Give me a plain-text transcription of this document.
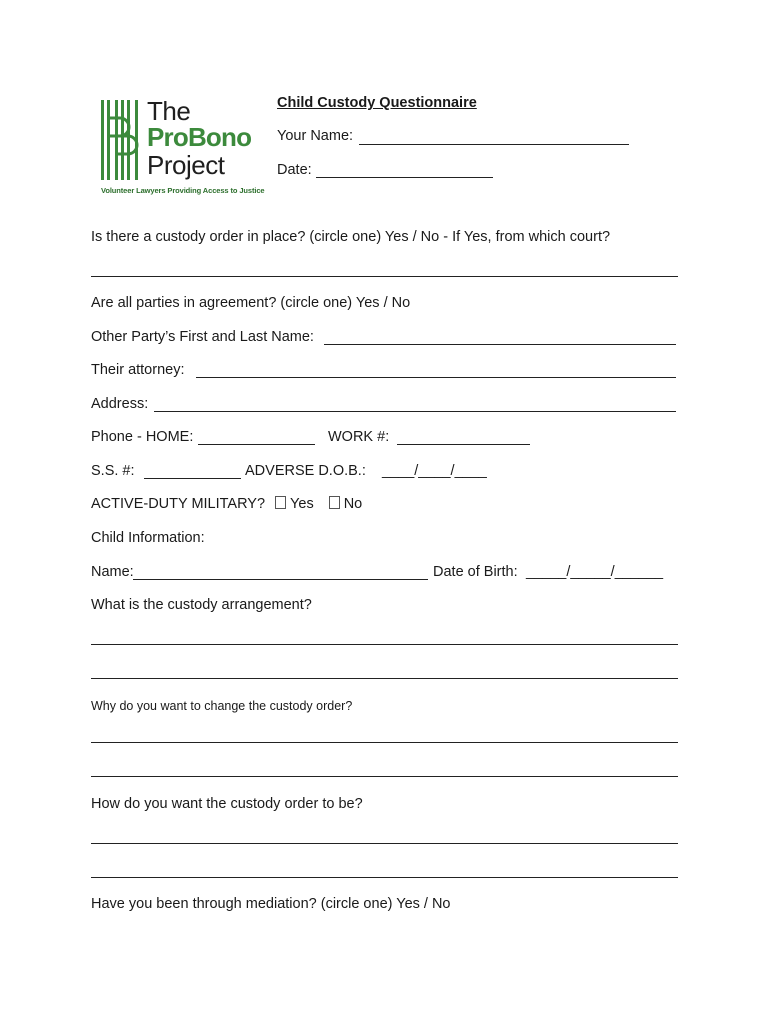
The
ProBono
Project
Volunteer Lawyers Providing Access to Justice
Child Custody Questionnaire
Your Name:
Date:
Is there a custody order in place? (circle one) Yes / No - If Yes, from which court?
Are all parties in agreement? (circle one) Yes / No
Other Party’s First and Last Name:
Their attorney:
Address:
Phone - HOME:	WORK #:
S.S. #:	ADVERSE D.O.B.: ____/____/____
ACTIVE-DUTY MILITARY? Yes No
Child Information:
Name:	Date of Birth: _____/_____/______
What is the custody arrangement?
Why do you want to change the custody order?
How do you want the custody order to be?
Have you been through mediation? (circle one) Yes / No
